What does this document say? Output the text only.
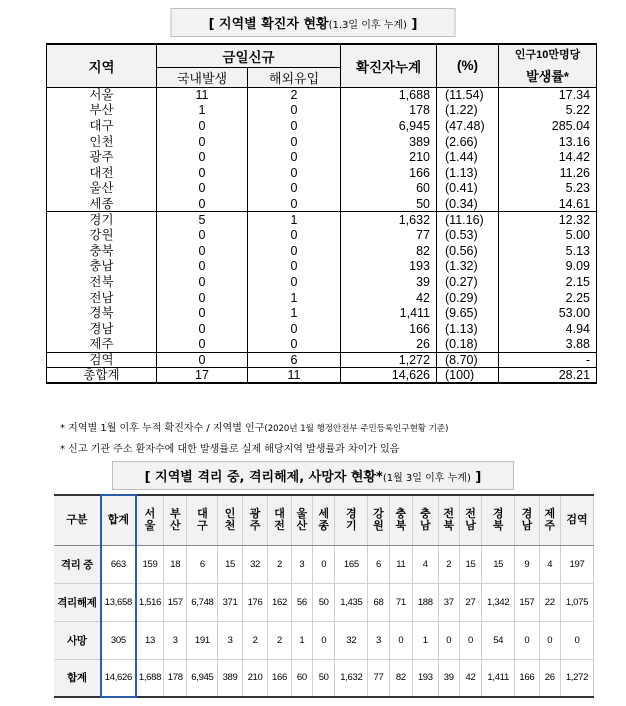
[ 지역별 확진자 현황(1.3일 이후 누계) ]
지역	금일신규		확진자누계	(%)	인구10만명당
발생률*

	국내발생	해외유입			
서울	11	2	1,688	(11.54)	17.34
부산	1	0	178	(1.22)	5.22
대구	0	0	6,945	(47.48)	285.04
인천	0	0	389	(2.66)	13.16
광주	0	0	210	(1.44)	14.42
대전	0	0	166	(1.13)	11.26
울산	0	0	60	(0.41)	5.23
세종	0	0	50	(0.34)	14.61
경기	5	1	1,632	(11.16)	12.32
강원	0	0	77	(0.53)	5.00
충북	0	0	82	(0.56)	5.13
충남	0	0	193	(1.32)	9.09
전북	0	0	39	(0.27)	2.15
전남	0	1	42	(0.29)	2.25
경북	0	1	1,411	(9.65)	53.00
경남	0	0	166	(1.13)	4.94
제주	0	0	26	(0.18)	3.88
검역	0	6	1,272	(8.70)	-
총합계	17	11	14,626	(100)	28.21
* 지역별 1월 이후 누적 확진자수 / 지역별 인구(2020년 1월 행정안전부 주민등록인구현황 기준)
* 신고 기관 주소 환자수에 대한 발생률로 실제 해당지역 발생률과 차이가 있음
[ 지역별 격리 중, 격리해제, 사망자 현황*(1월 3일 이후 누계) ]
구분	합계	서울	부산	대구	인천	광주	대전	울산	세종	경기	강원	충북	충남	전북	전남	경북	경남	제주	검역
격리 중	663	159	18	6	15	32	2	3	0	165	6	11	4	2	15	15	9	4	197
격리해제	13,658	1,516	157	6,748	371	176	162	56	50	1,435	68	71	188	37	27	1,342	157	22	1,075
사망	305	13	3	191	3	2	2	1	0	32	3	0	1	0	0	54	0	0	0
합계	14,626	1,688	178	6,945	389	210	166	60	50	1,632	77	82	193	39	42	1,411	166	26	1,272
